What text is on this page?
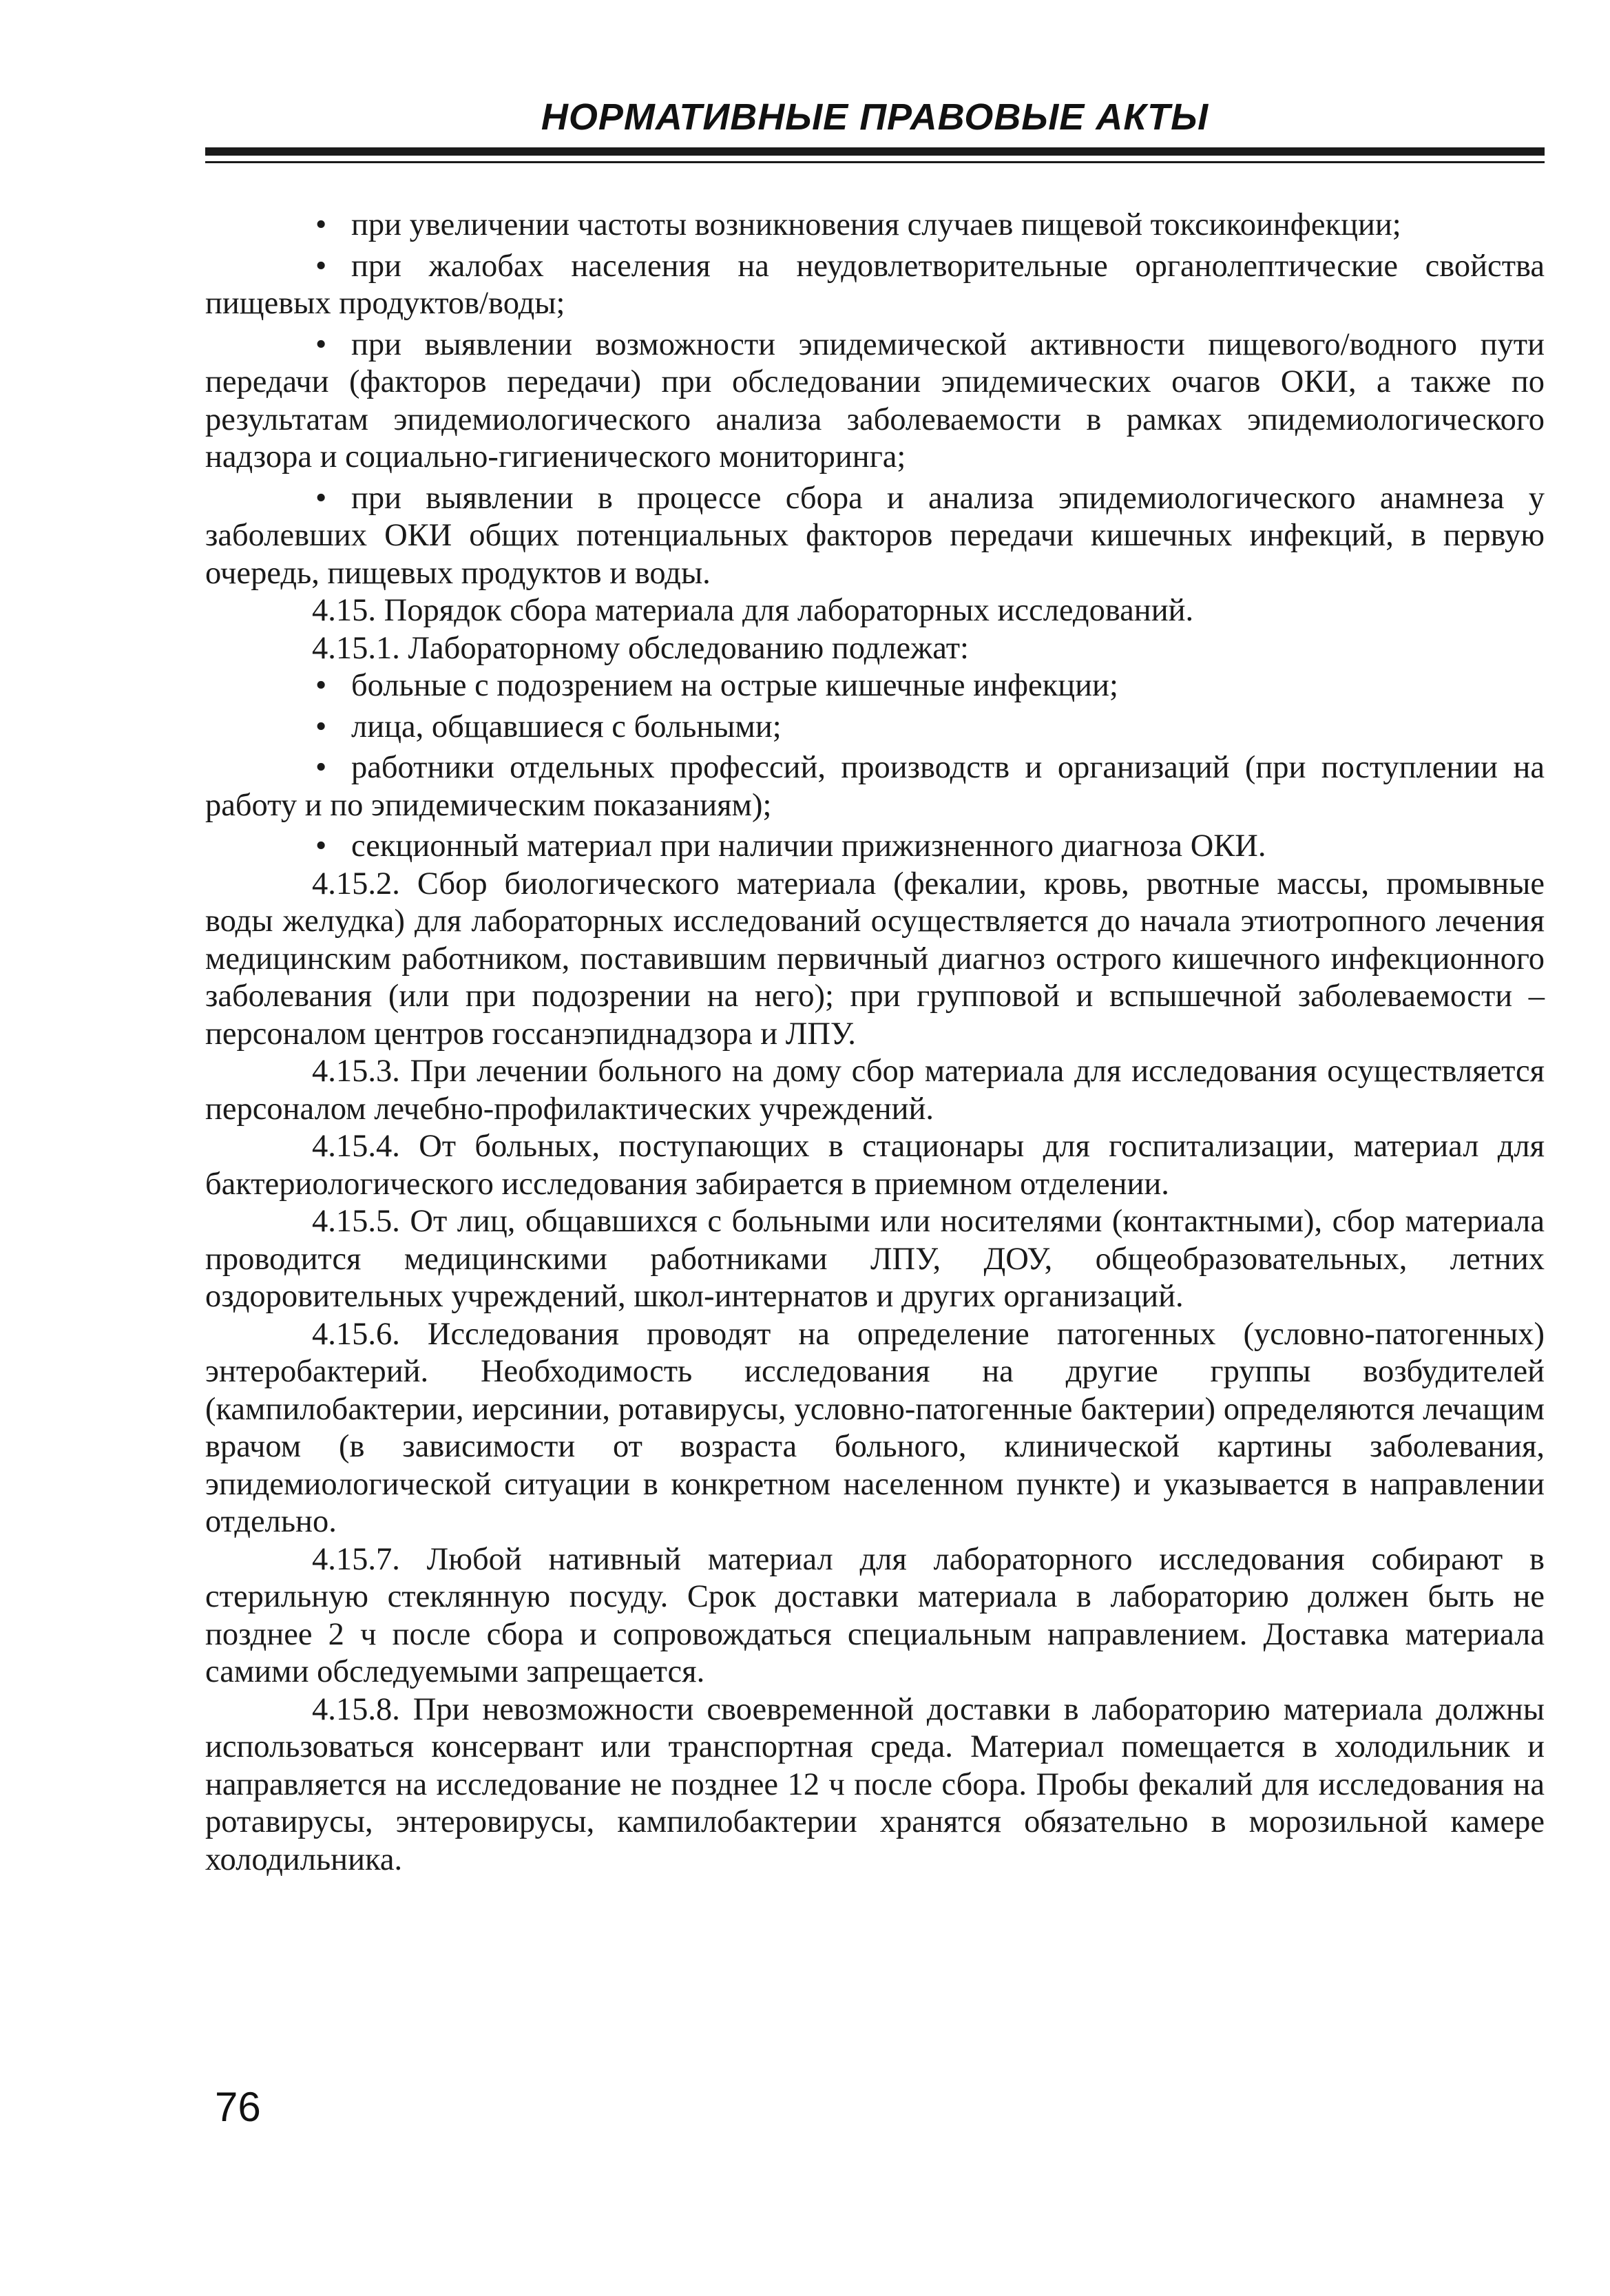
НОРМАТИВНЫЕ ПРАВОВЫЕ АКТЫ

• при увеличении частоты возникновения случаев пищевой токсикоинфекции;

• при жалобах населения на неудовлетворительные органолептические свойства пищевых продуктов/воды;

• при выявлении возможности эпидемической активности пищевого/водного пути передачи (факторов передачи) при обследовании эпидемических очагов ОКИ, а также по результатам эпидемиологического анализа заболеваемости в рамках эпидемиологического надзора и социально-гигиенического мониторинга;

• при выявлении в процессе сбора и анализа эпидемиологического анамнеза у заболевших ОКИ общих потенциальных факторов передачи кишечных инфекций, в первую очередь, пищевых продуктов и воды.

4.15. Порядок сбора материала для лабораторных исследований.

4.15.1. Лабораторному обследованию подлежат:

• больные с подозрением на острые кишечные инфекции;

• лица, общавшиеся с больными;

• работники отдельных профессий, производств и организаций (при поступлении на работу и по эпидемическим показаниям);

• секционный материал при наличии прижизненного диагноза ОКИ.

4.15.2. Сбор биологического материала (фекалии, кровь, рвотные массы, промывные воды желудка) для лабораторных исследований осуществляется до начала этиотропного лечения медицинским работником, поставившим первичный диагноз острого кишечного инфекционного заболевания (или при подозрении на него); при групповой и вспышечной заболеваемости – персоналом центров госсанэпиднадзора и ЛПУ.

4.15.3. При лечении больного на дому сбор материала для исследования осуществляется персоналом лечебно-профилактических учреждений.

4.15.4. От больных, поступающих в стационары для госпитализации, материал для бактериологического исследования забирается в приемном отделении.

4.15.5. От лиц, общавшихся с больными или носителями (контактными), сбор материала проводится медицинскими работниками ЛПУ, ДОУ, общеобразовательных, летних оздоровительных учреждений, школ-интернатов и других организаций.

4.15.6. Исследования проводят на определение патогенных (условно-патогенных) энтеробактерий. Необходимость исследования на другие группы возбудителей (кампилобактерии, иерсинии, ротавирусы, условно-патогенные бактерии) определяются лечащим врачом (в зависимости от возраста больного, клинической картины заболевания, эпидемиологической ситуации в конкретном населенном пункте) и указывается в направлении отдельно.

4.15.7. Любой нативный материал для лабораторного исследования собирают в стерильную стеклянную посуду. Срок доставки материала в лабораторию должен быть не позднее 2 ч после сбора и сопровождаться специальным направлением. Доставка материала самими обследуемыми запрещается.

4.15.8. При невозможности своевременной доставки в лабораторию материала должны использоваться консервант или транспортная среда. Материал помещается в холодильник и направляется на исследование не позднее 12 ч после сбора. Пробы фекалий для исследования на ротавирусы, энтеровирусы, кампилобактерии хранятся обязательно в морозильной камере холодильника.

76
